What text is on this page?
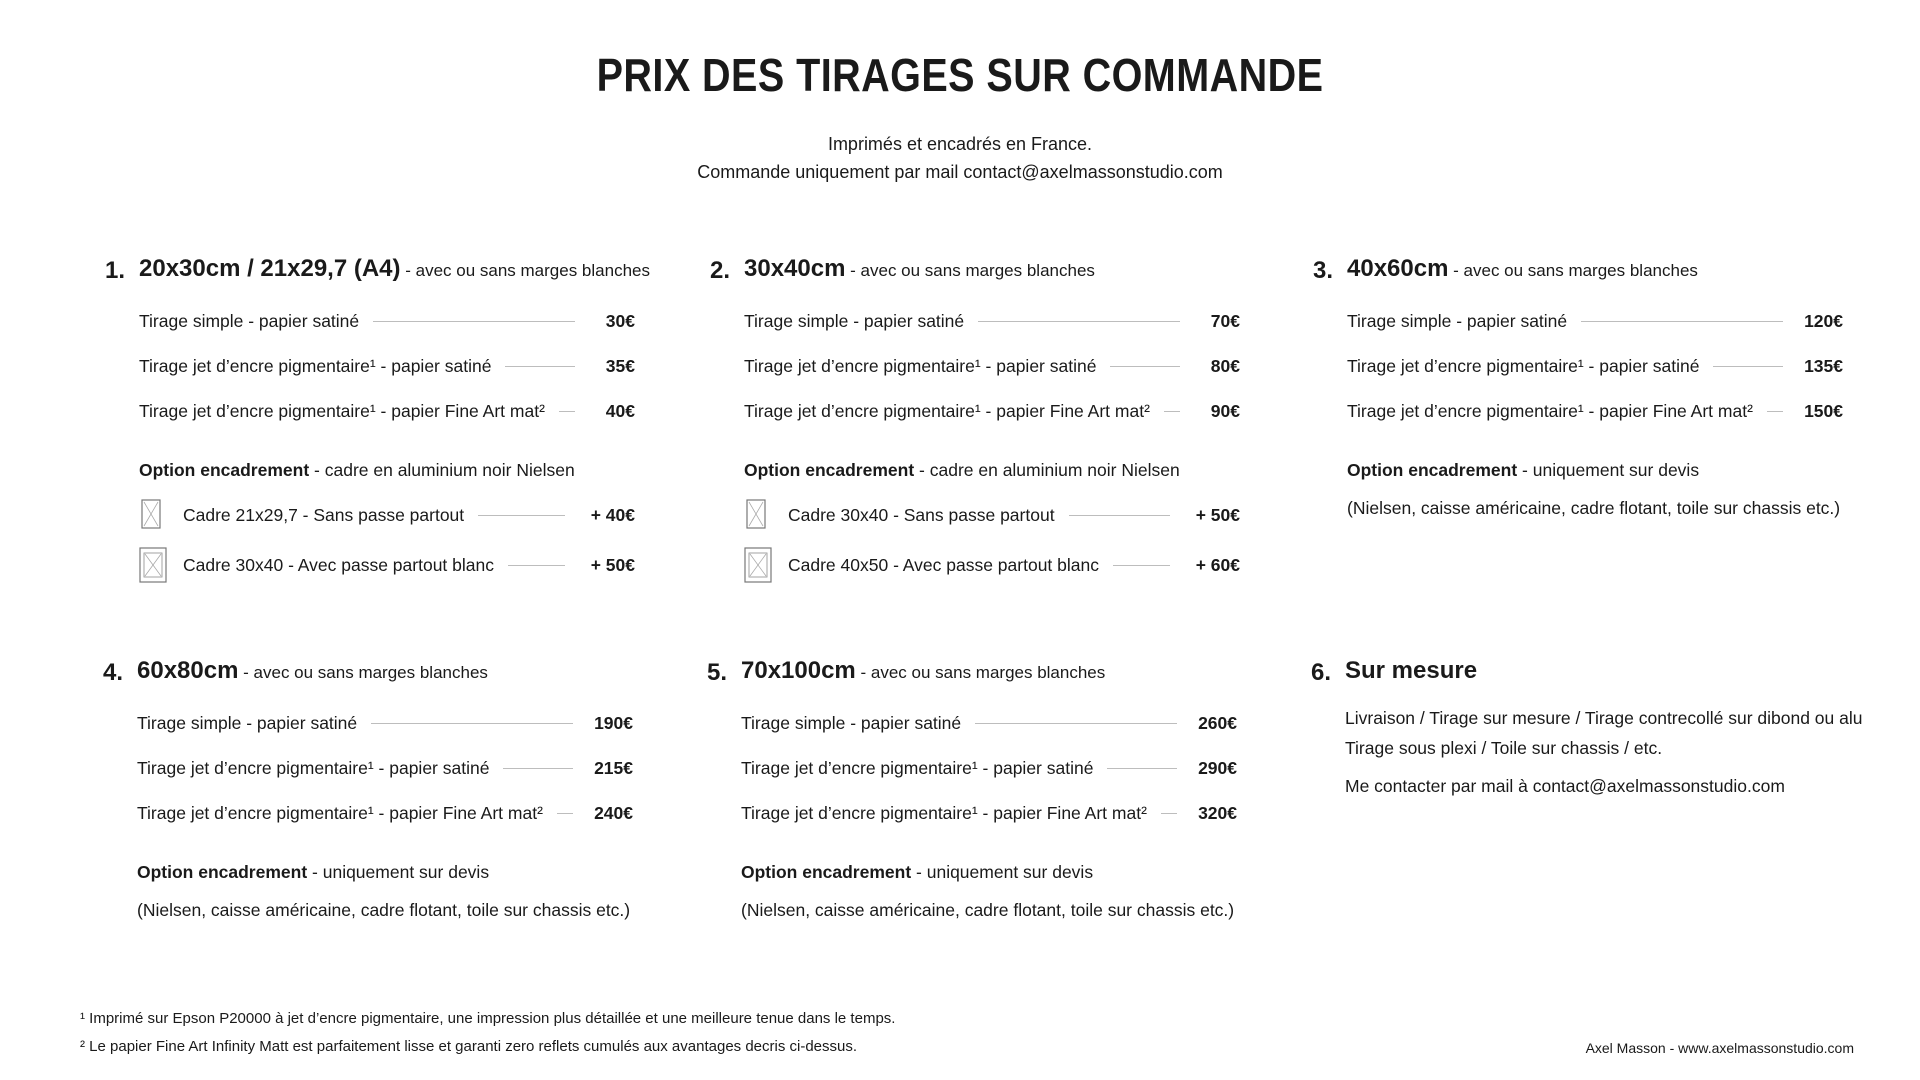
PRIX DES TIRAGES SUR COMMANDE
Imprimés et encadrés en France.
Commande uniquement par mail contact@axelmassonstudio.com
1. 20x30cm / 21x29,7 (A4) - avec ou sans marges blanches
Tirage simple - papier satiné	30€
Tirage jet d’encre pigmentaire¹ - papier satiné	35€
Tirage jet d’encre pigmentaire¹ - papier Fine Art mat²	40€
Option encadrement - cadre en aluminium noir Nielsen
Cadre 21x29,7 - Sans passe partout	+ 40€
Cadre 30x40 - Avec passe partout blanc	+ 50€
2. 30x40cm - avec ou sans marges blanches
Tirage simple - papier satiné	70€
Tirage jet d’encre pigmentaire¹ - papier satiné	80€
Tirage jet d’encre pigmentaire¹ - papier Fine Art mat²	90€
Option encadrement - cadre en aluminium noir Nielsen
Cadre 30x40 - Sans passe partout	+ 50€
Cadre 40x50 - Avec passe partout blanc	+ 60€
3. 40x60cm - avec ou sans marges blanches
Tirage simple - papier satiné	120€
Tirage jet d’encre pigmentaire¹ - papier satiné	135€
Tirage jet d’encre pigmentaire¹ - papier Fine Art mat²	150€
Option encadrement - uniquement sur devis
(Nielsen, caisse américaine, cadre flotant, toile sur chassis etc.)
4. 60x80cm - avec ou sans marges blanches
Tirage simple - papier satiné	190€
Tirage jet d’encre pigmentaire¹ - papier satiné	215€
Tirage jet d’encre pigmentaire¹ - papier Fine Art mat²	240€
Option encadrement - uniquement sur devis
(Nielsen, caisse américaine, cadre flotant, toile sur chassis etc.)
5. 70x100cm - avec ou sans marges blanches
Tirage simple - papier satiné	260€
Tirage jet d’encre pigmentaire¹ - papier satiné	290€
Tirage jet d’encre pigmentaire¹ - papier Fine Art mat²	320€
Option encadrement - uniquement sur devis
(Nielsen, caisse américaine, cadre flotant, toile sur chassis etc.)
6. Sur mesure
Livraison / Tirage sur mesure / Tirage contrecollé sur dibond ou alu
Tirage sous plexi / Toile sur chassis / etc.
Me contacter par mail à contact@axelmassonstudio.com
¹ Imprimé sur Epson P20000 à jet d’encre pigmentaire, une impression plus détaillée et une meilleure tenue dans le temps.
² Le papier Fine Art Infinity Matt est parfaitement lisse et garanti zero reflets cumulés aux avantages decris ci-dessus.	Axel Masson - www.axelmassonstudio.com
